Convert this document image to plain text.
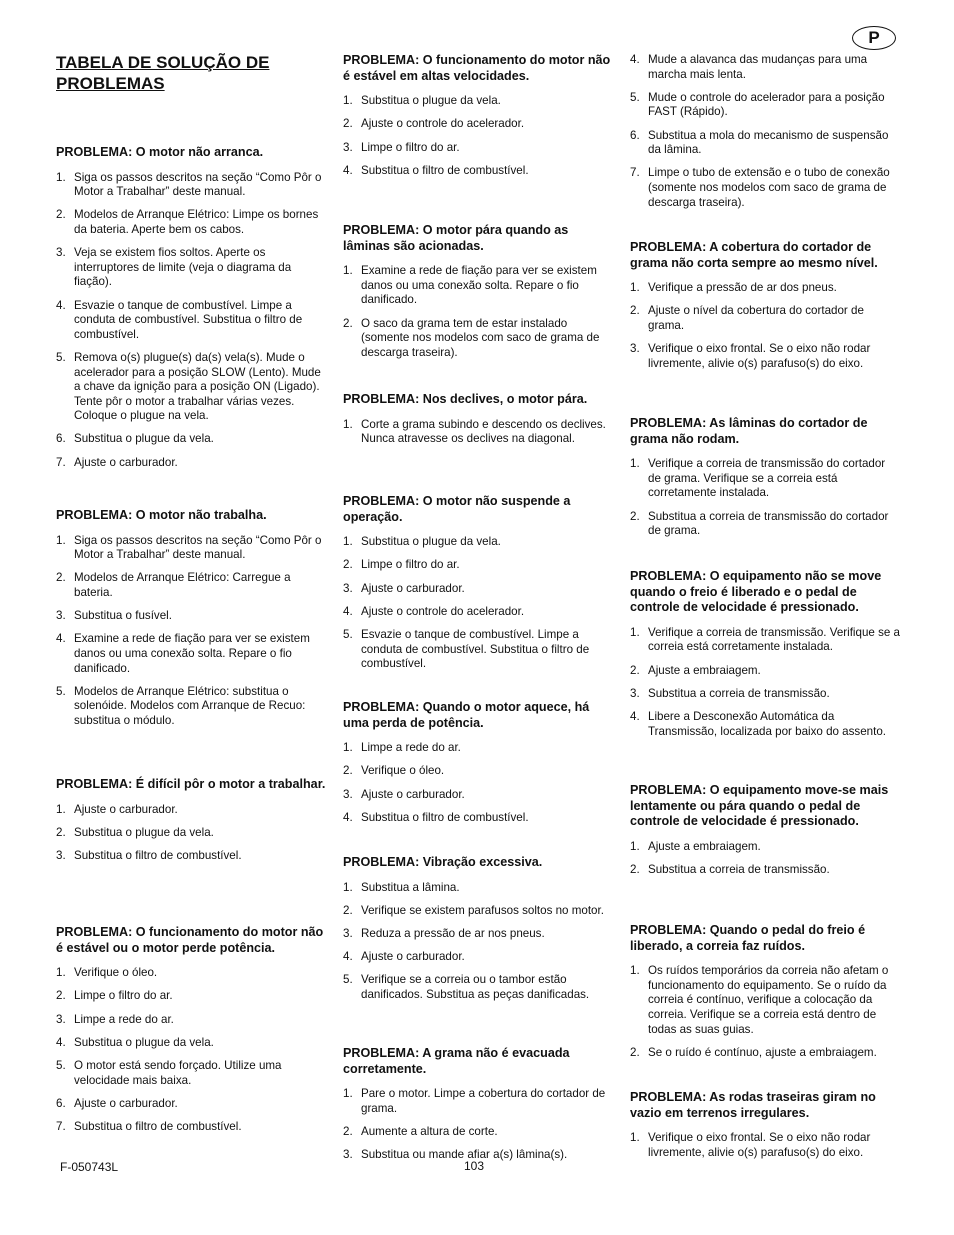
P
TABELA DE SOLUÇÃO DE PROBLEMAS
PROBLEMA: O motor não arranca.
1. Siga os passos descritos na seção “Como Pôr o Motor a Trabalhar” deste manual.
2. Modelos de Arranque Elétrico: Limpe os bornes da bateria. Aperte bem os cabos.
3. Veja se existem fios soltos. Aperte os interruptores de limite (veja o diagrama da fiação).
4. Esvazie o tanque de combustível. Limpe a conduta de combustível. Substitua o filtro de combustível.
5. Remova o(s) plugue(s) da(s) vela(s). Mude o acelerador para a posição SLOW (Lento). Mude a chave da ignição para a posição ON (Ligado). Tente pôr o motor a trabalhar várias vezes. Coloque o plugue na vela.
6. Substitua o plugue da vela.
7. Ajuste o carburador.
PROBLEMA: O motor não trabalha.
1. Siga os passos descritos na seção “Como Pôr o Motor a Trabalhar” deste manual.
2. Modelos de Arranque Elétrico: Carregue a bateria.
3. Substitua o fusível.
4. Examine a rede de fiação para ver se existem danos ou uma conexão solta. Repare o fio danificado.
5. Modelos de Arranque Elétrico: substitua o solenóide. Modelos com Arranque de Recuo: substitua o módulo.
PROBLEMA: É difícil pôr o motor a trabalhar.
1. Ajuste o carburador.
2. Substitua o plugue da vela.
3. Substitua o filtro de combustível.
PROBLEMA: O funcionamento do motor não é estável ou o motor perde potência.
1. Verifique o óleo.
2. Limpe o filtro do ar.
3. Limpe a rede do ar.
4. Substitua o plugue da vela.
5. O motor está sendo forçado. Utilize uma velocidade mais baixa.
6. Ajuste o carburador.
7. Substitua o filtro de combustível.
PROBLEMA: O funcionamento do motor não é estável em altas velocidades.
1. Substitua o plugue da vela.
2. Ajuste o controle do acelerador.
3. Limpe o filtro do ar.
4. Substitua o filtro de combustível.
PROBLEMA: O motor pára quando as lâminas são acionadas.
1. Examine a rede de fiação para ver se existem danos ou uma conexão solta. Repare o fio danificado.
2. O saco da grama tem de estar instalado (somente nos modelos com saco de grama de descarga traseira).
PROBLEMA: Nos declives, o motor pára.
1. Corte a grama subindo e descendo os declives. Nunca atravesse os declives na diagonal.
PROBLEMA: O motor não suspende a operação.
1. Substitua o plugue da vela.
2. Limpe o filtro do ar.
3. Ajuste o carburador.
4. Ajuste o controle do acelerador.
5. Esvazie o tanque de combustível. Limpe a conduta de combustível. Substitua o filtro de combustível.
PROBLEMA: Quando o motor aquece, há uma perda de potência.
1. Limpe a rede do ar.
2. Verifique o óleo.
3. Ajuste o carburador.
4. Substitua o filtro de combustível.
PROBLEMA: Vibração excessiva.
1. Substitua a lâmina.
2. Verifique se existem parafusos soltos no motor.
3. Reduza a pressão de ar nos pneus.
4. Ajuste o carburador.
5. Verifique se a correia ou o tambor estão danificados. Substitua as peças danificadas.
PROBLEMA: A grama não é evacuada corretamente.
1. Pare o motor. Limpe a cobertura do cortador de grama.
2. Aumente a altura de corte.
3. Substitua ou mande afiar a(s) lâmina(s).
4. Mude a alavanca das mudanças para uma marcha mais lenta.
5. Mude o controle do acelerador para a posição FAST (Rápido).
6. Substitua a mola do mecanismo de suspensão da lâmina.
7. Limpe o tubo de extensão e o tubo de conexão (somente nos modelos com saco de grama de descarga traseira).
PROBLEMA: A cobertura do cortador de grama não corta sempre ao mesmo nível.
1. Verifique a pressão de ar dos pneus.
2. Ajuste o nível da cobertura do cortador de grama.
3. Verifique o eixo frontal. Se o eixo não rodar livremente, alivie o(s) parafuso(s) do eixo.
PROBLEMA: As lâminas do cortador de grama não rodam.
1. Verifique a correia de transmissão do cortador de grama. Verifique se a correia está corretamente instalada.
2. Substitua a correia de transmissão do cortador de grama.
PROBLEMA: O equipamento não se move quando o freio é liberado e o pedal de controle de velocidade é pressionado.
1. Verifique a correia de transmissão. Verifique se a correia está corretamente instalada.
2. Ajuste a embraiagem.
3. Substitua a correia de transmissão.
4. Libere a Desconexão Automática da Transmissão, localizada por baixo do assento.
PROBLEMA: O equipamento move-se mais lentamente ou pára quando o pedal de controle de velocidade é pressionado.
1. Ajuste a embraiagem.
2. Substitua a correia de transmissão.
PROBLEMA: Quando o pedal do freio é liberado, a correia faz ruídos.
1. Os ruídos temporários da correia não afetam o funcionamento do equipamento. Se o ruído da correia é contínuo, verifique a colocação da correia. Verifique se a correia está dentro de todas as suas guias.
2. Se o ruído é contínuo, ajuste a embraiagem.
PROBLEMA: As rodas traseiras giram no vazio em terrenos irregulares.
1. Verifique o eixo frontal. Se o eixo não rodar livremente, alivie o(s) parafuso(s) do eixo.
F-050743L	103
